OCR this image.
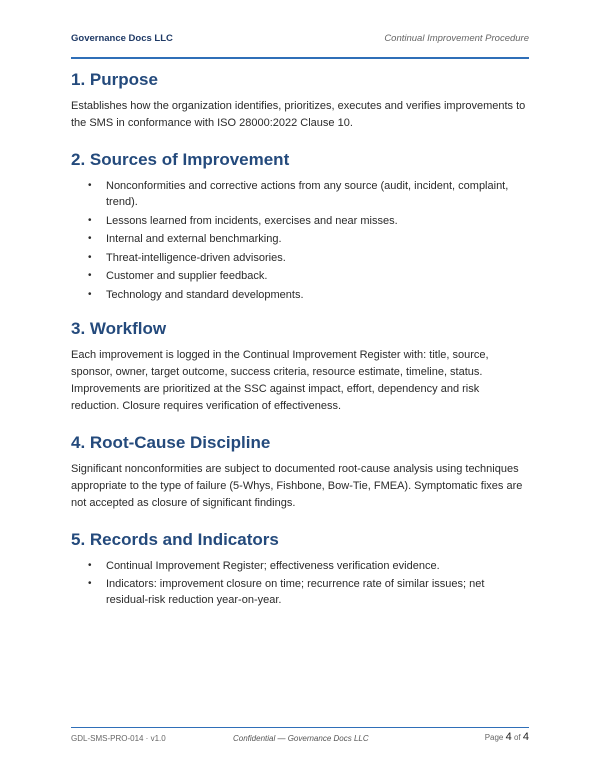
Governance Docs LLC	Continual Improvement Procedure
1. Purpose

Establishes how the organization identifies, prioritizes, executes and verifies improvements to the SMS in conformance with ISO 28000:2022 Clause 10.

2. Sources of Improvement
• Nonconformities and corrective actions from any source (audit, incident, complaint, trend).
• Lessons learned from incidents, exercises and near misses.
• Internal and external benchmarking.
• Threat-intelligence-driven advisories.
• Customer and supplier feedback.
• Technology and standard developments.
3. Workflow

Each improvement is logged in the Continual Improvement Register with: title, source, sponsor, owner, target outcome, success criteria, resource estimate, timeline, status. Improvements are prioritized at the SSC against impact, effort, dependency and risk reduction. Closure requires verification of effectiveness.

4. Root-Cause Discipline

Significant nonconformities are subject to documented root-cause analysis using techniques appropriate to the type of failure (5-Whys, Fishbone, Bow-Tie, FMEA). Symptomatic fixes are not accepted as closure of significant findings.

5. Records and Indicators
• Continual Improvement Register; effectiveness verification evidence.
• Indicators: improvement closure on time; recurrence rate of similar issues; net residual-risk reduction year-on-year.
GDL-SMS-PRO-014 · v1.0	Confidential — Governance Docs LLC	Page 4 of 4
